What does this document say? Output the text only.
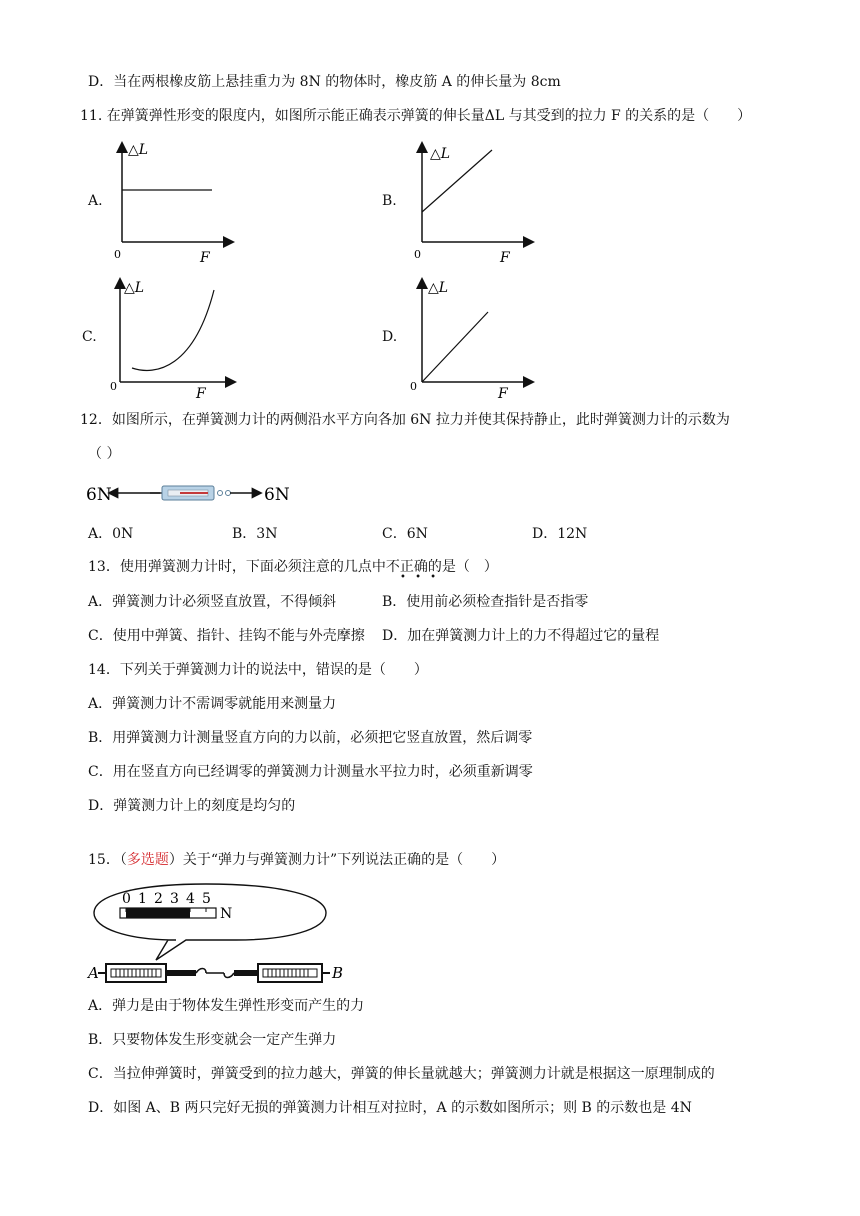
D．当在两根橡皮筋上悬挂重力为 8N 的物体时，橡皮筋 A 的伸长量为 8cm
11. 在弹簧弹性形变的限度内，如图所示能正确表示弹簧的伸长量ΔL 与其受到的拉力 F 的关系的是（　　）
A.	B.
C.	D.
△L
0	F
△L
0	F
△L
0	F
△L
0	F
12．如图所示，在弹簧测力计的两侧沿水平方向各加 6N 拉力并使其保持静止，此时弹簧测力计的示数为
（ ）
6N	6N
A．0N	B．3N	C．6N	D．12N
13．使用弹簧测力计时，下面必须注意的几点中不正确的是（　）
• • •
A．弹簧测力计必须竖直放置，不得倾斜	B．使用前必须检查指针是否指零
C．使用中弹簧、指针、挂钩不能与外壳摩擦 D．加在弹簧测力计上的力不得超过它的量程
14．下列关于弹簧测力计的说法中，错误的是（　　）
A．弹簧测力计不需调零就能用来测量力
B．用弹簧测力计测量竖直方向的力以前，必须把它竖直放置，然后调零
C．用在竖直方向已经调零的弹簧测力计测量水平拉力时，必须重新调零
D．弹簧测力计上的刻度是均匀的
15．（多选题）关于“弹力与弹簧测力计”下列说法正确的是（　　）
0 1 2 3 4 5
N
A	B
A．弹力是由于物体发生弹性形变而产生的力
B．只要物体发生形变就会一定产生弹力
C．当拉伸弹簧时，弹簧受到的拉力越大，弹簧的伸长量就越大；弹簧测力计就是根据这一原理制成的
D．如图 A、B 两只完好无损的弹簧测力计相互对拉时，A 的示数如图所示；则 B 的示数也是 4N
